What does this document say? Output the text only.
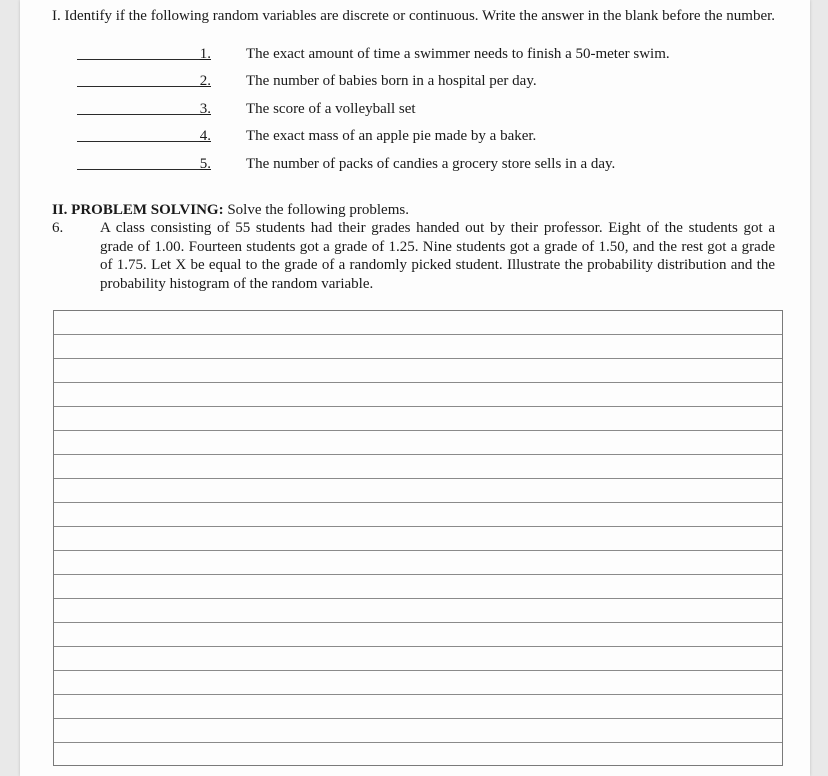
I. Identify if the following random variables are discrete or continuous. Write the answer in the blank before the number.
1. The exact amount of time a swimmer needs to finish a 50-meter swim.
2. The number of babies born in a hospital per day.
3. The score of a volleyball set
4. The exact mass of an apple pie made by a baker.
5. The number of packs of candies a grocery store sells in a day.
II. PROBLEM SOLVING: Solve the following problems.
6. A class consisting of 55 students had their grades handed out by their professor. Eight of the students got a grade of 1.00. Fourteen students got a grade of 1.25. Nine students got a grade of 1.50, and the rest got a grade of 1.75. Let X be equal to the grade of a randomly picked student. Illustrate the probability distribution and the probability histogram of the random variable.
